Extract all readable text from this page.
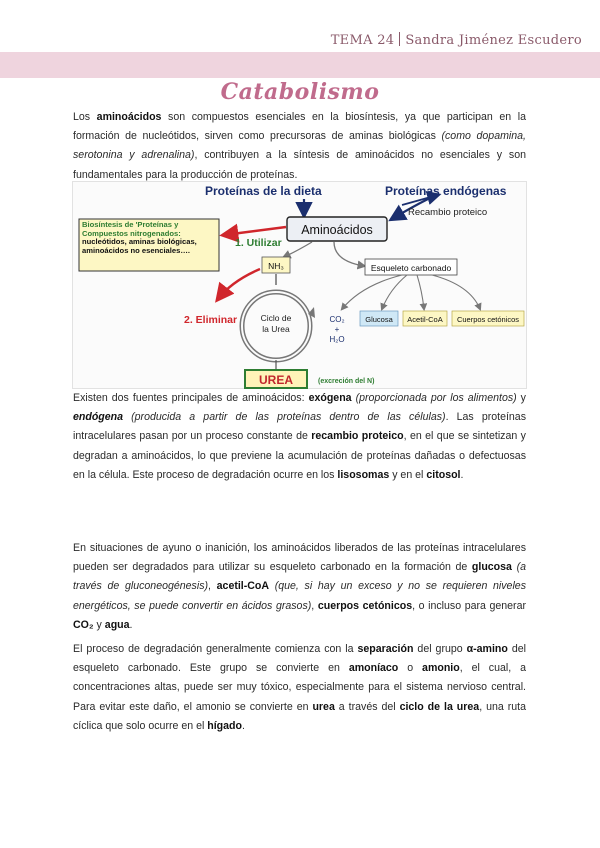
TEMA 24 Sandra Jiménez Escudero
Catabolismo
Los aminoácidos son compuestos esenciales en la biosíntesis, ya que participan en la formación de nucleótidos, sirven como precursoras de aminas biológicas (como dopamina, serotonina y adrenalina), contribuyen a la síntesis de aminoácidos no esenciales y son fundamentales para la producción de proteínas.
Proteínas de la dieta	Proteínas endógenas
Recambio proteico
Aminoácidos
Biosíntesis de 'Proteínas y Compuestos nitrogenados:
nucleótidos, aminas biológicas, aminoácidos no esenciales….
1. Utilizar
NH₃	Esqueleto carbonado
CO₂
+
H₂O
Glucosa Acetil-CoA Cuerpos cetónicos
2. Eliminar	Ciclo de
la Urea
UREA	(excreción del N)
Existen dos fuentes principales de aminoácidos: exógena (proporcionada por los alimentos) y endógena (producida a partir de las proteínas dentro de las células). Las proteínas intracelulares pasan por un proceso constante de recambio proteico, en el que se sintetizan y degradan a aminoácidos, lo que previene la acumulación de proteínas dañadas o defectuosas en la célula. Este proceso de degradación ocurre en los lisosomas y en el citosol.
En situaciones de ayuno o inanición, los aminoácidos liberados de las proteínas intracelulares pueden ser degradados para utilizar su esqueleto carbonado en la formación de glucosa (a través de gluconeogénesis), acetil-CoA (que, si hay un exceso y no se requieren niveles energéticos, se puede convertir en ácidos grasos), cuerpos cetónicos, o incluso para generar CO₂ y agua.
El proceso de degradación generalmente comienza con la separación del grupo α-amino del esqueleto carbonado. Este grupo se convierte en amoníaco o amonio, el cual, a concentraciones altas, puede ser muy tóxico, especialmente para el sistema nervioso central. Para evitar este daño, el amonio se convierte en urea a través del ciclo de la urea, una ruta cíclica que solo ocurre en el hígado.
